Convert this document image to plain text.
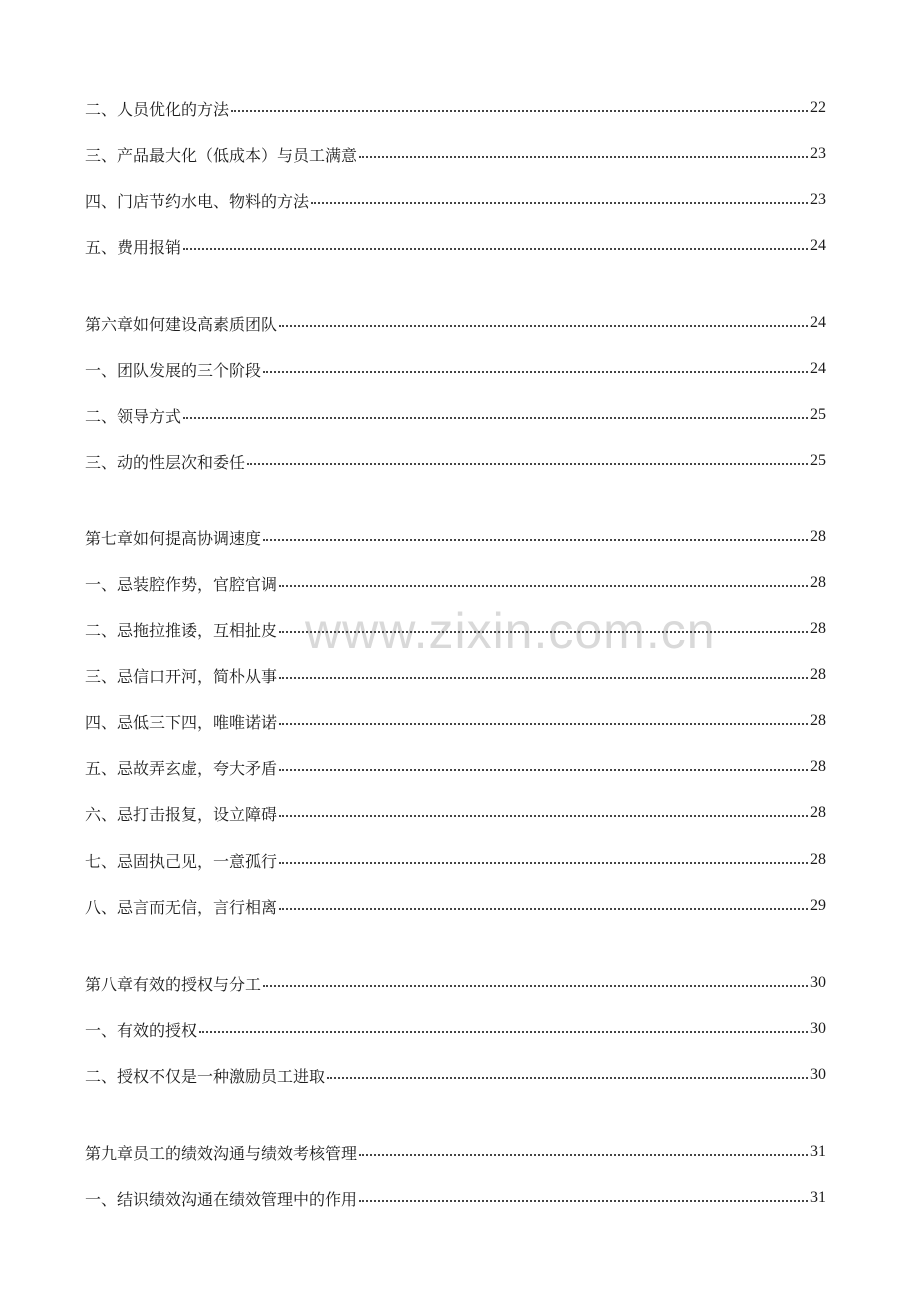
www.zixin.com.cn
二、人员优化的方法	22
三、产品最大化（低成本）与员工满意	23
四、门店节约水电、物料的方法	23
五、费用报销	24
第六章如何建设高素质团队	24
一、团队发展的三个阶段	24
二、领导方式	25
三、动的性层次和委任	25
第七章如何提高协调速度	28
一、忌装腔作势，官腔官调	28
二、忌拖拉推诿，互相扯皮	28
三、忌信口开河，简朴从事	28
四、忌低三下四，唯唯诺诺	28
五、忌故弄玄虚，夸大矛盾	28
六、忌打击报复，设立障碍	28
七、忌固执己见，一意孤行	28
八、忌言而无信，言行相离	29
第八章有效的授权与分工	30
一、有效的授权	30
二、授权不仅是一种激励员工进取	30
第九章员工的绩效沟通与绩效考核管理	31
一、结识绩效沟通在绩效管理中的作用	31
